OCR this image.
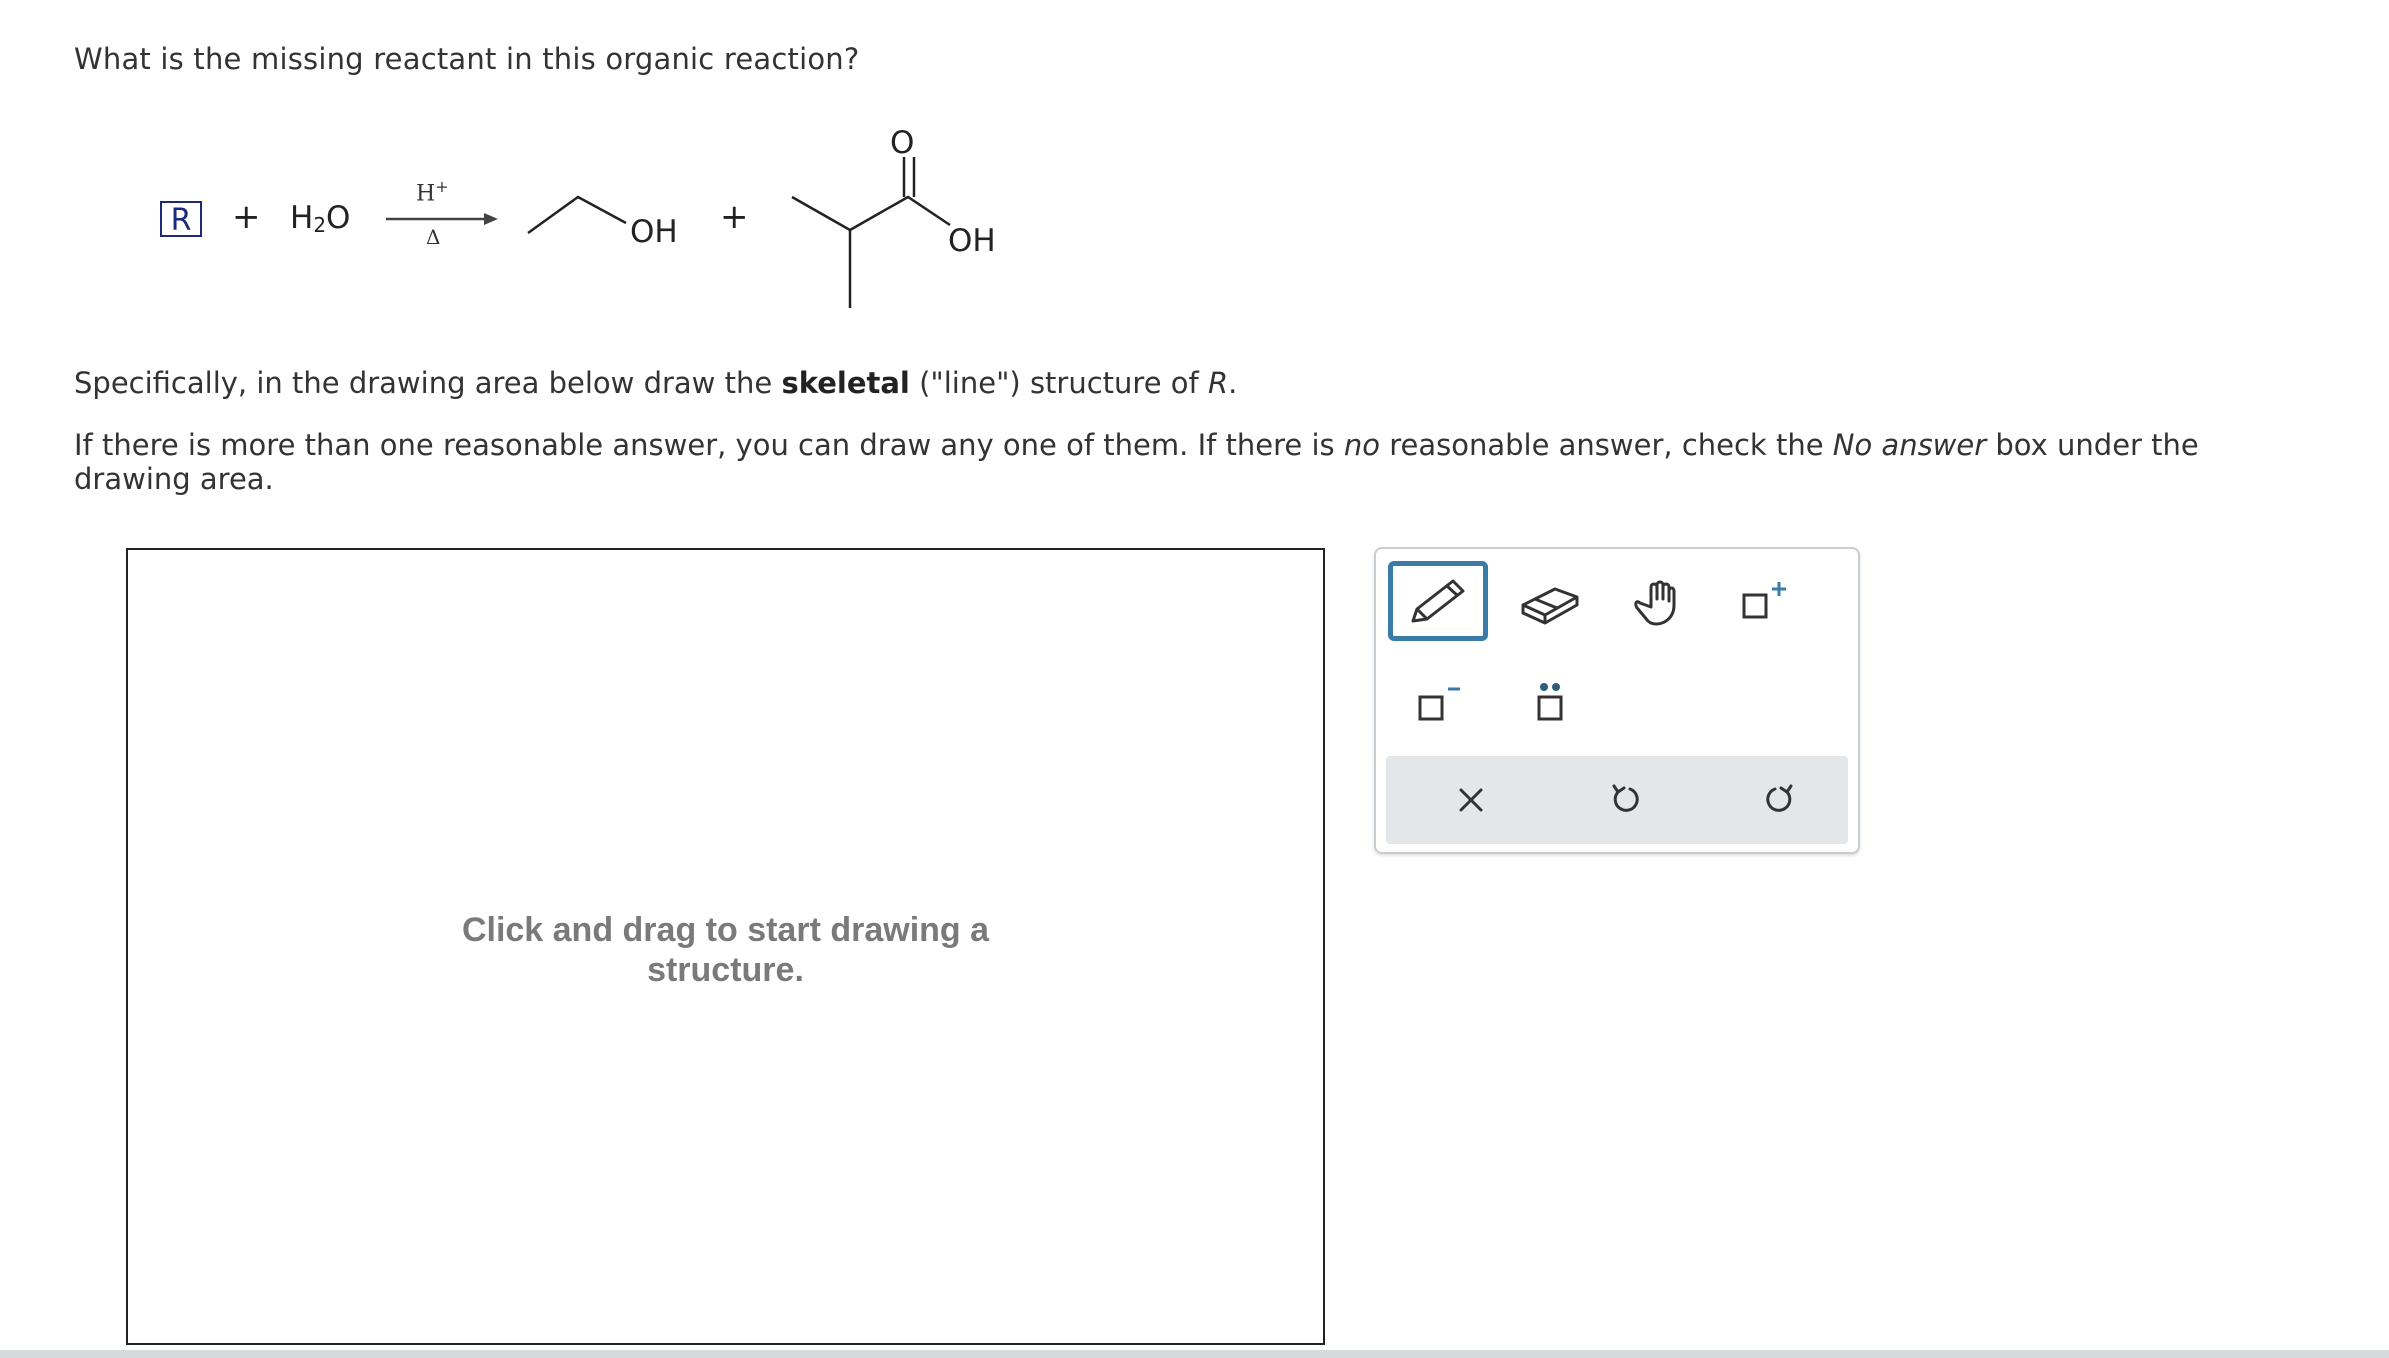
What is the missing reactant in this organic reaction?
R	+ $H_2O$
H+
Δ	OH +
O
OH
Specifically, in the drawing area below draw the skeletal ("line") structure of R.
If there is more than one reasonable answer, you can draw any one of them. If there is no reasonable answer, check the No answer box under the drawing area.
Click and drag to start drawing a structure.
